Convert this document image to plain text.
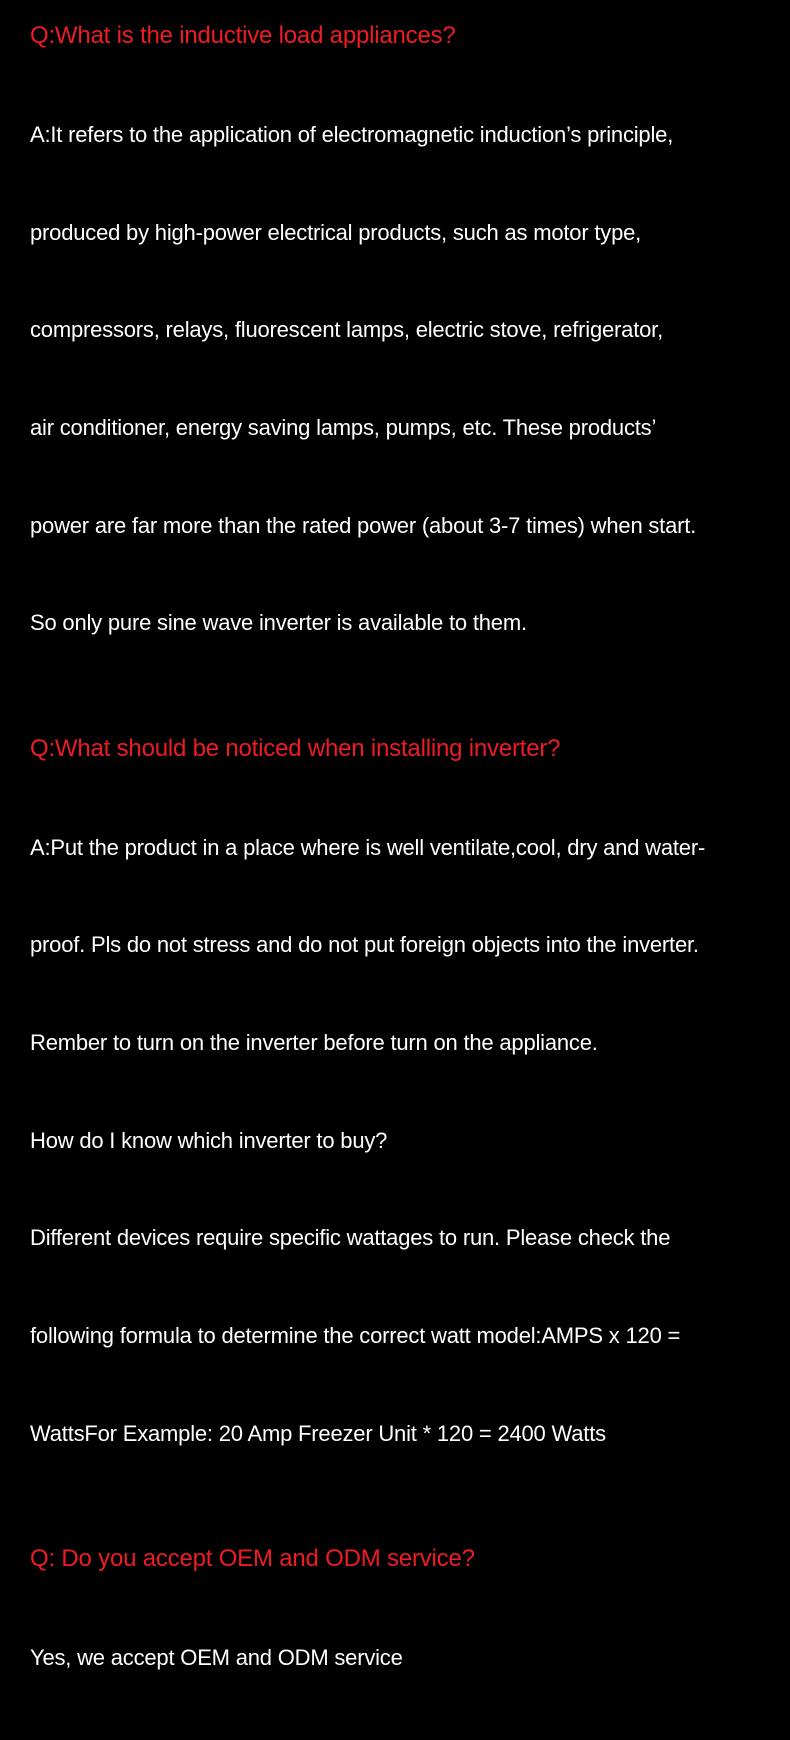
Q:What is the inductive load appliances?

A:It refers to the application of electromagnetic induction’s principle,

produced by high-power electrical products, such as motor type,

compressors, relays, fluorescent lamps, electric stove, refrigerator,

air conditioner, energy saving lamps, pumps, etc. These products’

power are far more than the rated power (about 3-7 times) when start.

So only pure sine wave inverter is available to them.

Q:What should be noticed when installing inverter?

A:Put the product in a place where is well ventilate,cool, dry and water-

proof. Pls do not stress and do not put foreign objects into the inverter.

Rember to turn on the inverter before turn on the appliance.

How do I know which inverter to buy?

Different devices require specific wattages to run. Please check the

following formula to determine the correct watt model:AMPS x 120 =

WattsFor Example: 20 Amp Freezer Unit * 120 = 2400 Watts

Q: Do you accept OEM and ODM service?

Yes, we accept OEM and ODM service
